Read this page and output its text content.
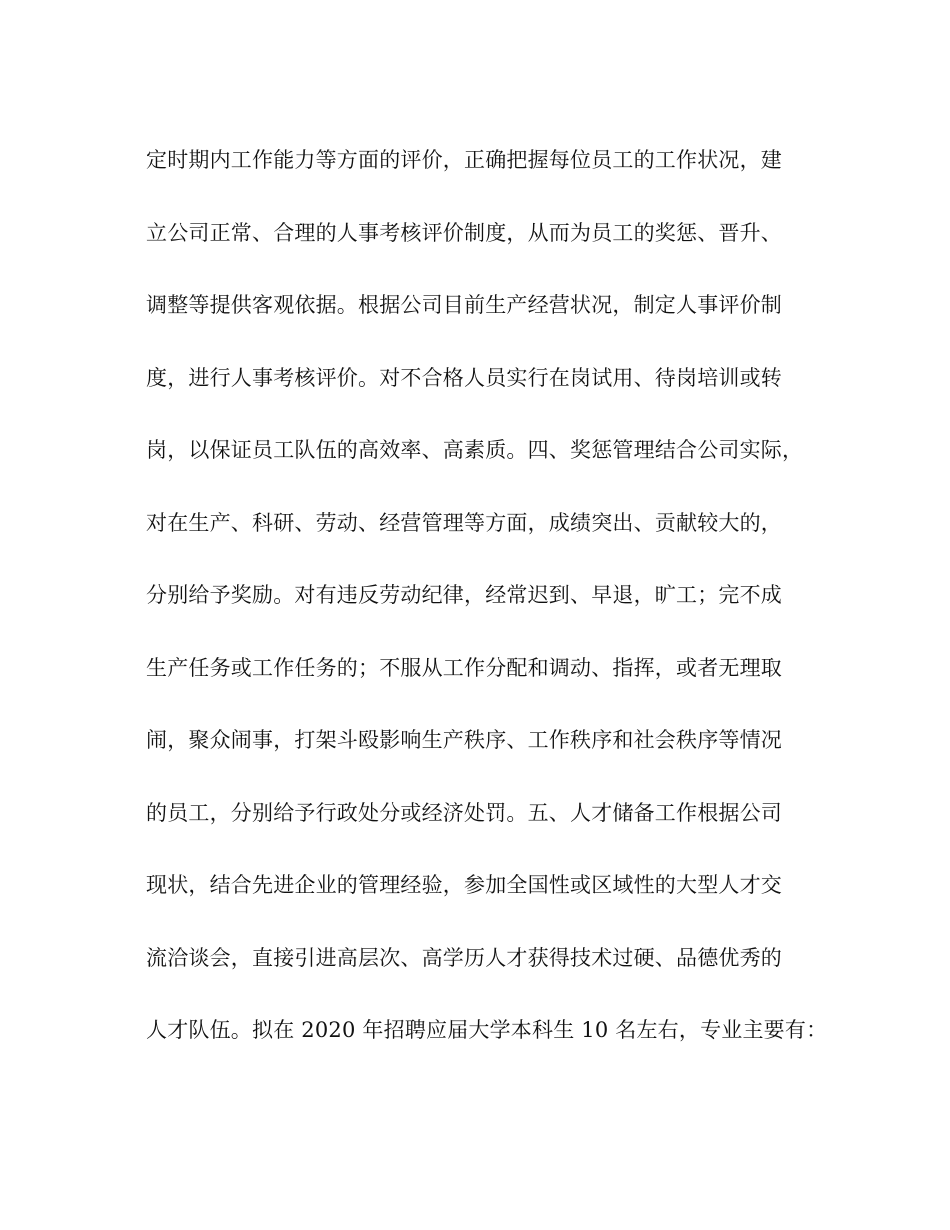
定时期内工作能力等方面的评价，正确把握每位员工的工作状况，建
立公司正常、合理的人事考核评价制度，从而为员工的奖惩、晋升、
调整等提供客观依据。根据公司目前生产经营状况，制定人事评价制
度，进行人事考核评价。对不合格人员实行在岗试用、待岗培训或转
岗，以保证员工队伍的高效率、高素质。四、奖惩管理结合公司实际，
对在生产、科研、劳动、经营管理等方面，成绩突出、贡献较大的，
分别给予奖励。对有违反劳动纪律，经常迟到、早退，旷工；完不成
生产任务或工作任务的；不服从工作分配和调动、指挥，或者无理取
闹，聚众闹事，打架斗殴影响生产秩序、工作秩序和社会秩序等情况
的员工，分别给予行政处分或经济处罚。五、人才储备工作根据公司
现状，结合先进企业的管理经验，参加全国性或区域性的大型人才交
流洽谈会，直接引进高层次、高学历人才获得技术过硬、品德优秀的
人才队伍。拟在 2020 年招聘应届大学本科生 10 名左右，专业主要有：
